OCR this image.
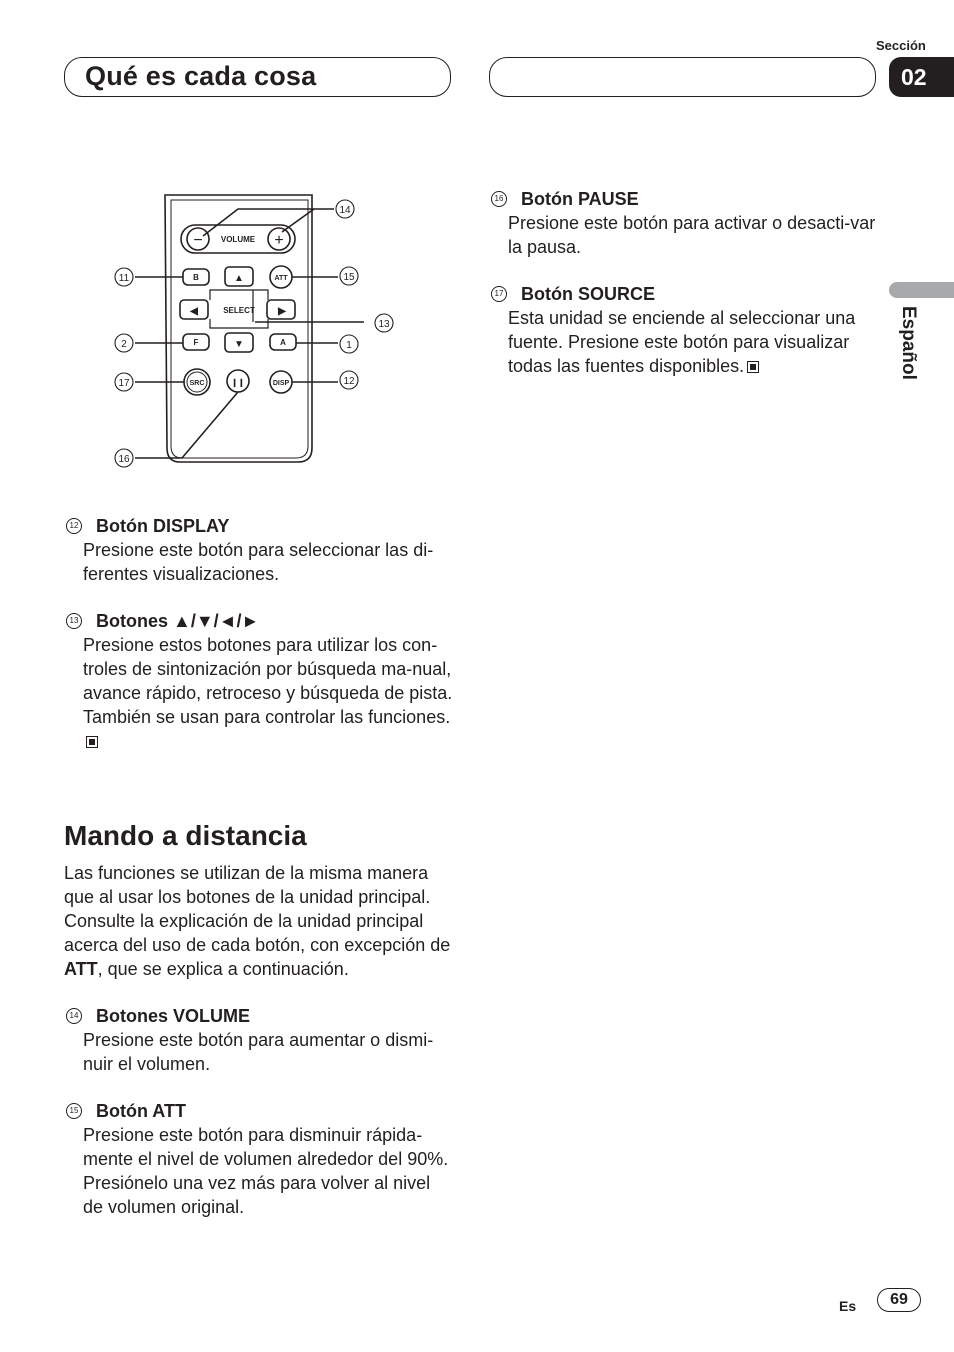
Qué es cada cosa
Sección
02
Español
VOLUME
SELECT
−	+
B	▲	ATT
◀	▶
F	▼	A
SRC	❙❙	DISP
14
11	15
13
2	1
17	12
16
12 Botón DISPLAY
Presione este botón para seleccionar las di-ferentes visualizaciones.
13 Botones ▲/▼/◄/►
Presione estos botones para utilizar los con-troles de sintonización por búsqueda ma-nual, avance rápido, retroceso y búsqueda de pista. También se usan para controlar las funciones.
Mando a distancia
Las funciones se utilizan de la misma manera que al usar los botones de la unidad principal. Consulte la explicación de la unidad principal acerca del uso de cada botón, con excepción de ATT, que se explica a continuación.
14 Botones VOLUME
Presione este botón para aumentar o dismi-nuir el volumen.
15 Botón ATT
Presione este botón para disminuir rápida-mente el nivel de volumen alrededor del 90%. Presiónelo una vez más para volver al nivel de volumen original.
16 Botón PAUSE
Presione este botón para activar o desacti-var la pausa.
17 Botón SOURCE
Esta unidad se enciende al seleccionar una fuente. Presione este botón para visualizar todas las fuentes disponibles.
Es	69
